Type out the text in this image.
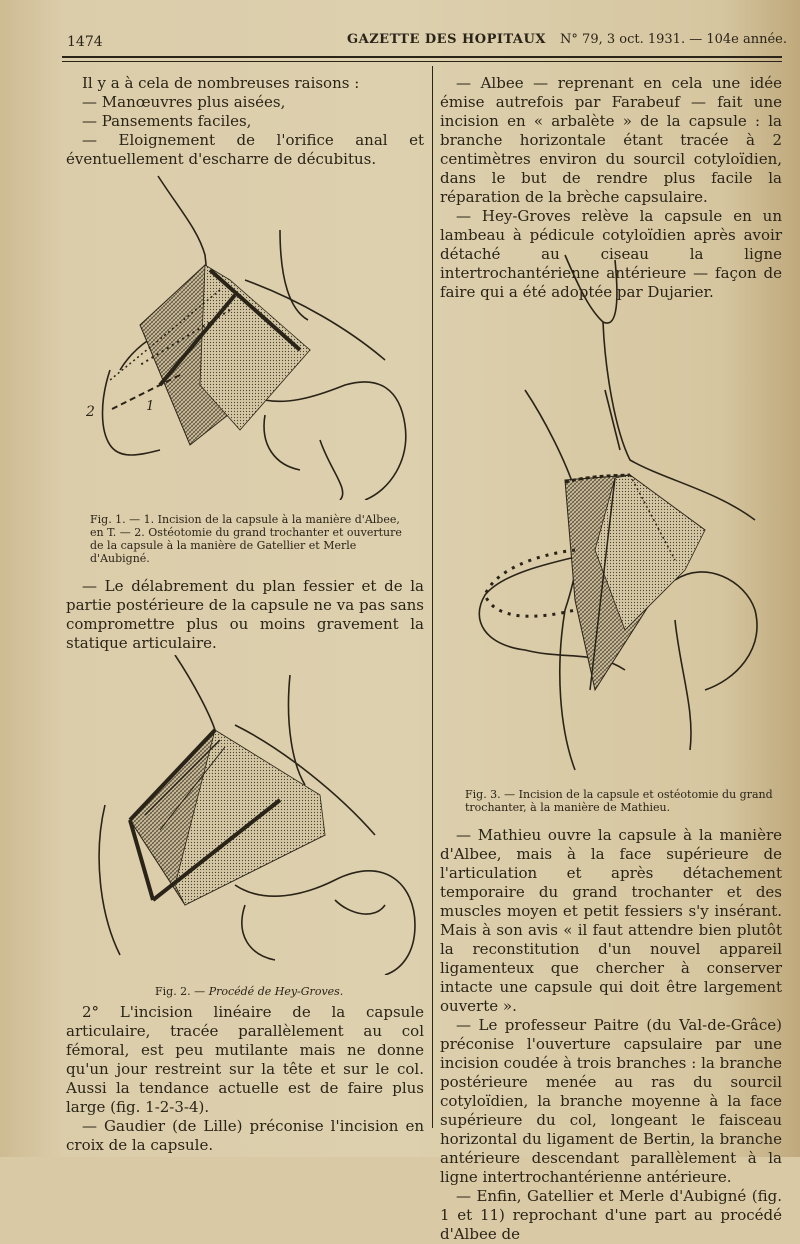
1474	GAZETTE DES HOPITAUX N° 79, 3 oct. 1931. — 104e année.

Il y a à cela de nombreuses raisons :

— Manœuvres plus aisées,

— Pansements faciles,

— Eloignement de l'orifice anal et éventuellement d'escharre de décubitus.

2	1
Fig. 1. — 1. Incision de la capsule à la manière d'Albee, en T. — 2. Ostéotomie du grand trochanter et ouverture de la capsule à la manière de Gatellier et Merle d'Aubigné.

— Le délabrement du plan fessier et de la partie postérieure de la capsule ne va pas sans compromettre plus ou moins gravement la statique articulaire.

Fig. 2. — Procédé de Hey-Groves.

2° L'incision linéaire de la capsule articulaire, tracée parallèlement au col fémoral, est peu mutilante mais ne donne qu'un jour restreint sur la tête et sur le col. Aussi la tendance actuelle est de faire plus large (fig. 1-2-3-4).

— Gaudier (de Lille) préconise l'incision en croix de la capsule.

— Albee — reprenant en cela une idée émise autrefois par Farabeuf — fait une incision en « arbalète » de la capsule : la branche horizontale étant tracée à 2 centimètres environ du sourcil cotyloïdien, dans le but de rendre plus facile la réparation de la brèche capsulaire.

— Hey-Groves relève la capsule en un lambeau à pédicule cotyloïdien après avoir détaché au ciseau la ligne intertrochantérienne antérieure — façon de faire qui a été adoptée par Dujarier.

Fig. 3. — Incision de la capsule et ostéotomie du grand trochanter, à la manière de Mathieu.

— Mathieu ouvre la capsule à la manière d'Albee, mais à la face supérieure de l'articulation et après détachement temporaire du grand trochanter et des muscles moyen et petit fessiers s'y insérant. Mais à son avis « il faut attendre bien plutôt la reconstitution d'un nouvel appareil ligamenteux que chercher à conserver intacte une capsule qui doit être largement ouverte ».

— Le professeur Paitre (du Val-de-Grâce) préconise l'ouverture capsulaire par une incision coudée à trois branches : la branche postérieure menée au ras du sourcil cotyloïdien, la branche moyenne à la face supérieure du col, longeant le faisceau horizontal du ligament de Bertin, la branche antérieure descendant parallèlement à la ligne intertrochantérienne antérieure.

— Enfin, Gatellier et Merle d'Aubigné (fig. 1 et 11) reprochant d'une part au procédé d'Albee de
